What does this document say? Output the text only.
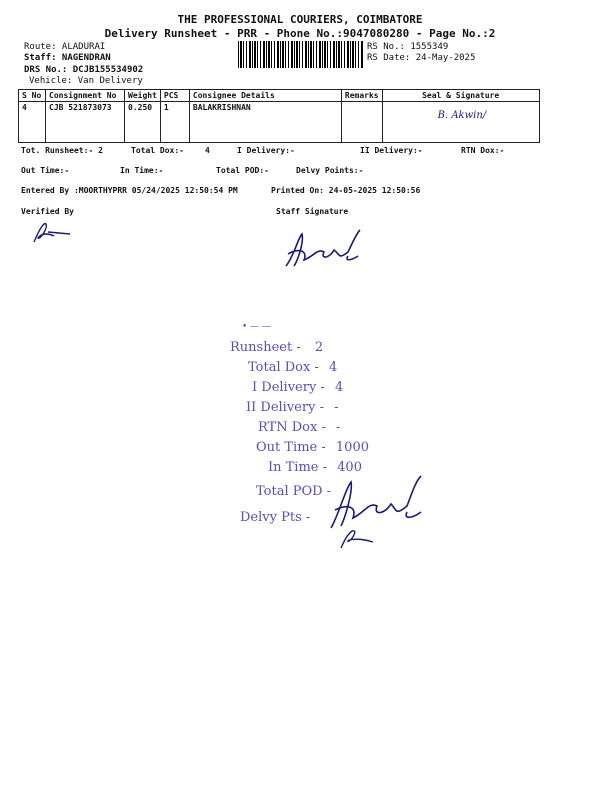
THE PROFESSIONAL COURIERS, COIMBATORE
Delivery Runsheet - PRR - Phone No.:9047080280 - Page No.:2
Route: ALADURAI
Staff: NAGENDRAN
DRS No.: DCJB155534902
Vehicle: Van Delivery
RS No.: 1555349
RS Date: 24-May-2025
S No	Consignment No	Weight	PCS	Consignee Details	Remarks	Seal & Signature
4	CJB 521873073	0.250	1	BALAKRISHNAN		B. Akwin/
Tot. Runsheet:- 2	Total Dox:-	4	I Delivery:-	II Delivery:-	RTN Dox:-
Out Time:-	In Time:-	Total POD:-	Delvy Points:-
Entered By :MOORTHYPRR 05/24/2025 12:50:54 PM	Printed On: 24-05-2025 12:50:56
Verified By	Staff Signature
• — —
Runsheet - 2
Total Dox - 4
I Delivery - 4
II Delivery - -
RTN Dox - -
Out Time - 1000
In Time - 400
Total POD -
Delvy Pts -
